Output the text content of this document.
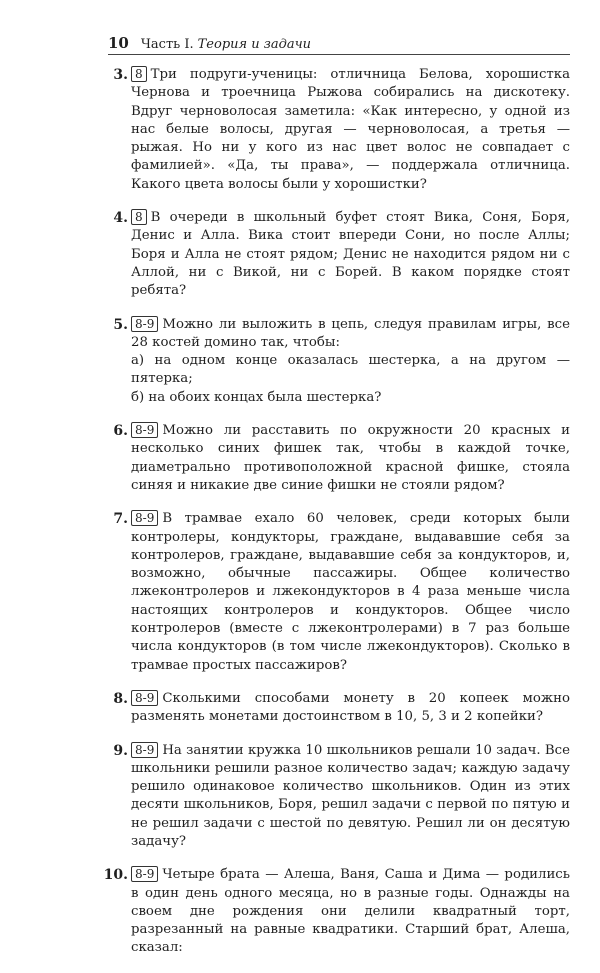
10 Часть I. Теория и задачи
3. 8 Три подруги-ученицы: отличница Белова, хорошистка Чернова и троечница Рыжова собирались на дискотеку. Вдруг черноволосая заметила: «Как интересно, у одной из нас белые волосы, другая — черноволосая, а третья — рыжая. Но ни у кого из нас цвет волос не совпадает с фамилией». «Да, ты права», — поддержала отличница. Какого цвета волосы были у хорошистки?
4. 8 В очереди в школьный буфет стоят Вика, Соня, Боря, Денис и Алла. Вика стоит впереди Сони, но после Аллы; Боря и Алла не стоят рядом; Денис не находится рядом ни с Аллой, ни с Викой, ни с Борей. В каком порядке стоят ребята?
5. 8-9 Можно ли выложить в цепь, следуя правилам игры, все 28 костей домино так, чтобы:
а) на одном конце оказалась шестерка, а на другом — пятерка;
б) на обоих концах была шестерка?
6. 8-9 Можно ли расставить по окружности 20 красных и несколько синих фишек так, чтобы в каждой точке, диаметрально противоположной красной фишке, стояла синяя и никакие две синие фишки не стояли рядом?
7. 8-9 В трамвае ехало 60 человек, среди которых были контролеры, кондукторы, граждане, выдававшие себя за контролеров, граждане, выдававшие себя за кондукторов, и, возможно, обычные пассажиры. Общее количество лжеконтролеров и лжекондукторов в 4 раза меньше числа настоящих контролеров и кондукторов. Общее число контролеров (вместе с лжеконтролерами) в 7 раз больше числа кондукторов (в том числе лжекондукторов). Сколько в трамвае простых пассажиров?
8. 8-9 Сколькими способами монету в 20 копеек можно разменять монетами достоинством в 10, 5, 3 и 2 копейки?
9. 8-9 На занятии кружка 10 школьников решали 10 задач. Все школьники решили разное количество задач; каждую задачу решило одинаковое количество школьников. Один из этих десяти школьников, Боря, решил задачи с первой по пятую и не решил задачи с шестой по девятую. Решил ли он десятую задачу?
10. 8-9 Четыре брата — Алеша, Ваня, Саша и Дима — родились в один день одного месяца, но в разные годы. Однажды на своем дне рождения они делили квадратный торт, разрезанный на равные квадратики. Старший брат, Алеша, сказал:
